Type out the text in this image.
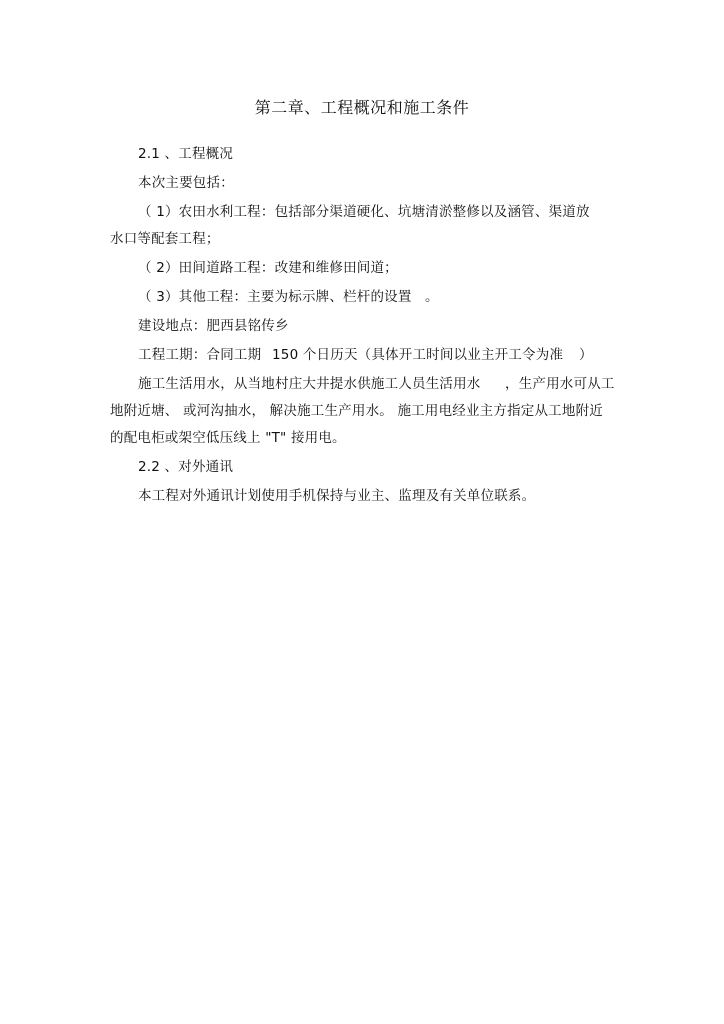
第二章、工程概况和施工条件
2.1 、工程概况
本次主要包括：
（ 1）农田水利工程：包括部分渠道硬化、坑塘清淤整修以及涵管、渠道放
水口等配套工程；
（ 2）田间道路工程：改建和维修田间道；
（ 3）其他工程：主要为标示牌、栏杆的设置 。
建设地点：肥西县铭传乡
工程工期：合同工期 150 个日历天（具体开工时间以业主开工令为准 ）
施工生活用水，从当地村庄大井提水供施工人员生活用水 ，生产用水可从工
地附近塘、 或河沟抽水， 解决施工生产用水。 施工用电经业主方指定从工地附近
的配电柜或架空低压线上 "T" 接用电。
2.2 、对外通讯
本工程对外通讯计划使用手机保持与业主、监理及有关单位联系。
